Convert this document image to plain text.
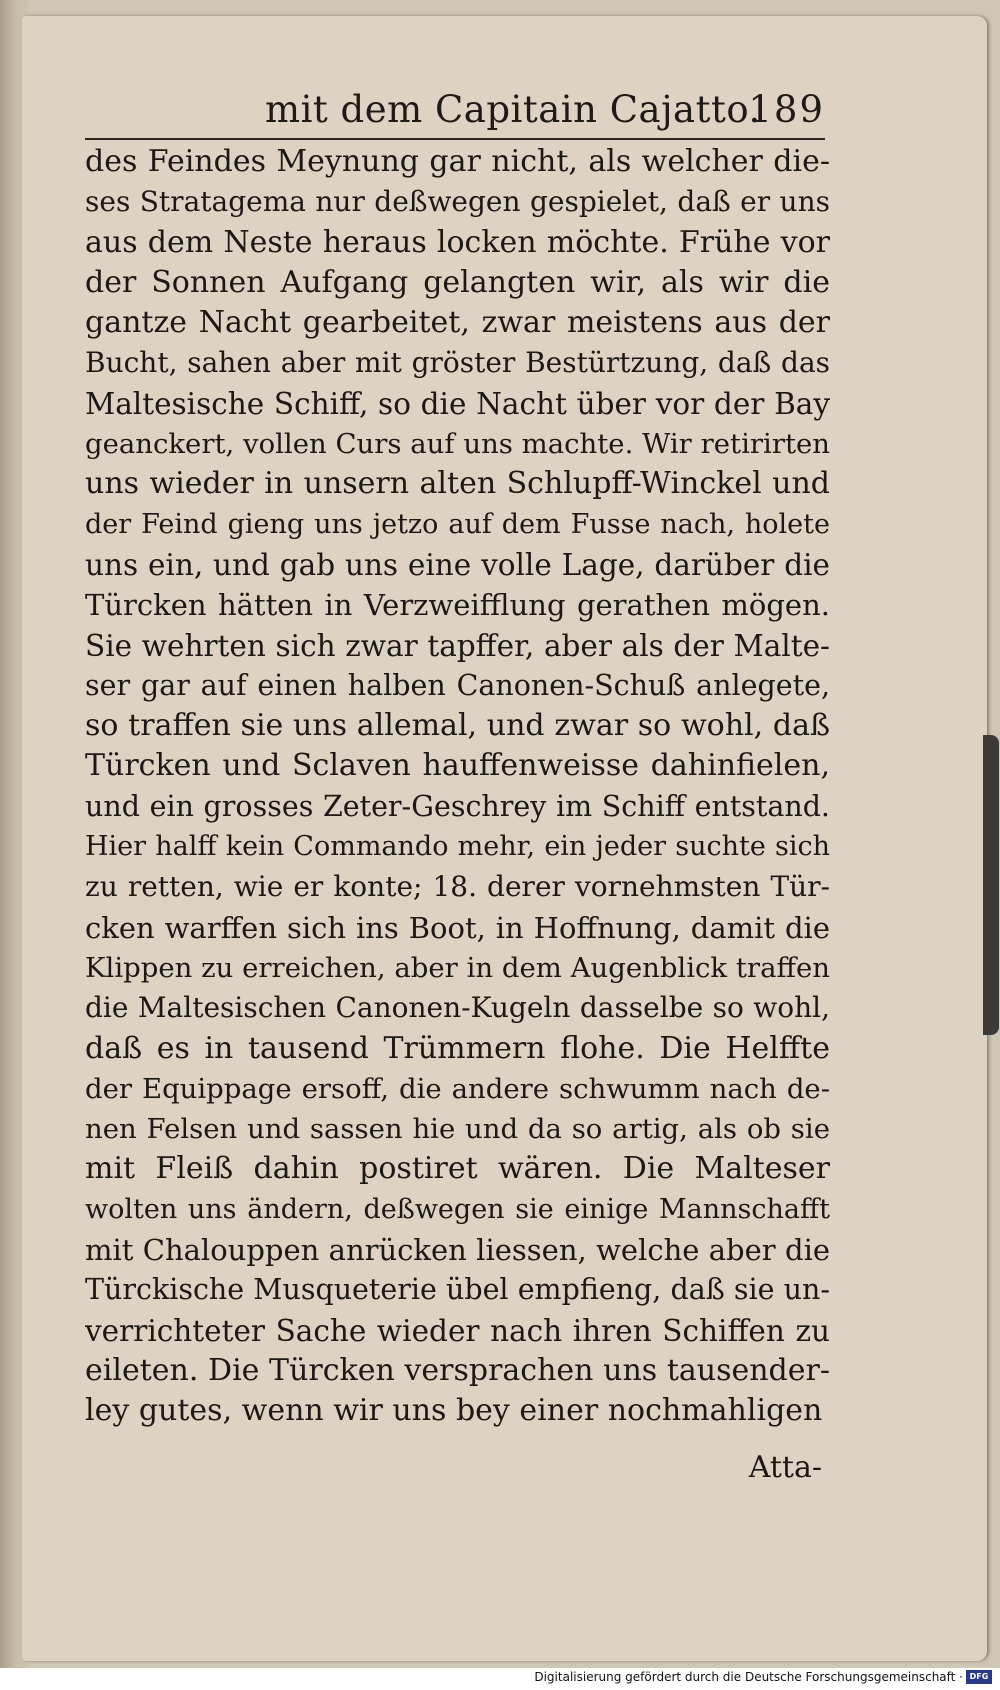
mit dem Capitain Cajatto.
189
des Feindes Meynung gar nicht, als welcher die-
ses Stratagema nur deßwegen gespielet, daß er uns
aus dem Neste heraus locken möchte. Frühe vor
der Sonnen Aufgang gelangten wir, als wir die
gantze Nacht gearbeitet, zwar meistens aus der
Bucht, sahen aber mit gröster Bestürtzung, daß das
Maltesische Schiff, so die Nacht über vor der Bay
geanckert, vollen Curs auf uns machte. Wir retirirten
uns wieder in unsern alten Schlupff-Winckel und
der Feind gieng uns jetzo auf dem Fusse nach, holete
uns ein, und gab uns eine volle Lage, darüber die
Türcken hätten in Verzweifflung gerathen mögen.
Sie wehrten sich zwar tapffer, aber als der Malte-
ser gar auf einen halben Canonen-Schuß anlegete,
so traffen sie uns allemal, und zwar so wohl, daß
Türcken und Sclaven hauffenweisse dahinfielen,
und ein grosses Zeter-Geschrey im Schiff entstand.
Hier halff kein Commando mehr, ein jeder suchte sich
zu retten, wie er konte; 18. derer vornehmsten Tür-
cken warffen sich ins Boot, in Hoffnung, damit die
Klippen zu erreichen, aber in dem Augenblick traffen
die Maltesischen Canonen-Kugeln dasselbe so wohl,
daß es in tausend Trümmern flohe. Die Helffte
der Equippage ersoff, die andere schwumm nach de-
nen Felsen und sassen hie und da so artig, als ob sie
mit Fleiß dahin postiret wären. Die Malteser
wolten uns ändern, deßwegen sie einige Mannschafft
mit Chalouppen anrücken liessen, welche aber die
Türckische Musqueterie übel empfieng, daß sie un-
verrichteter Sache wieder nach ihren Schiffen zu
eileten. Die Türcken versprachen uns tausender-
ley gutes, wenn wir uns bey einer nochmahligen
Atta-
Digitalisierung gefördert durch die Deutsche Forschungsgemeinschaft · DFG
